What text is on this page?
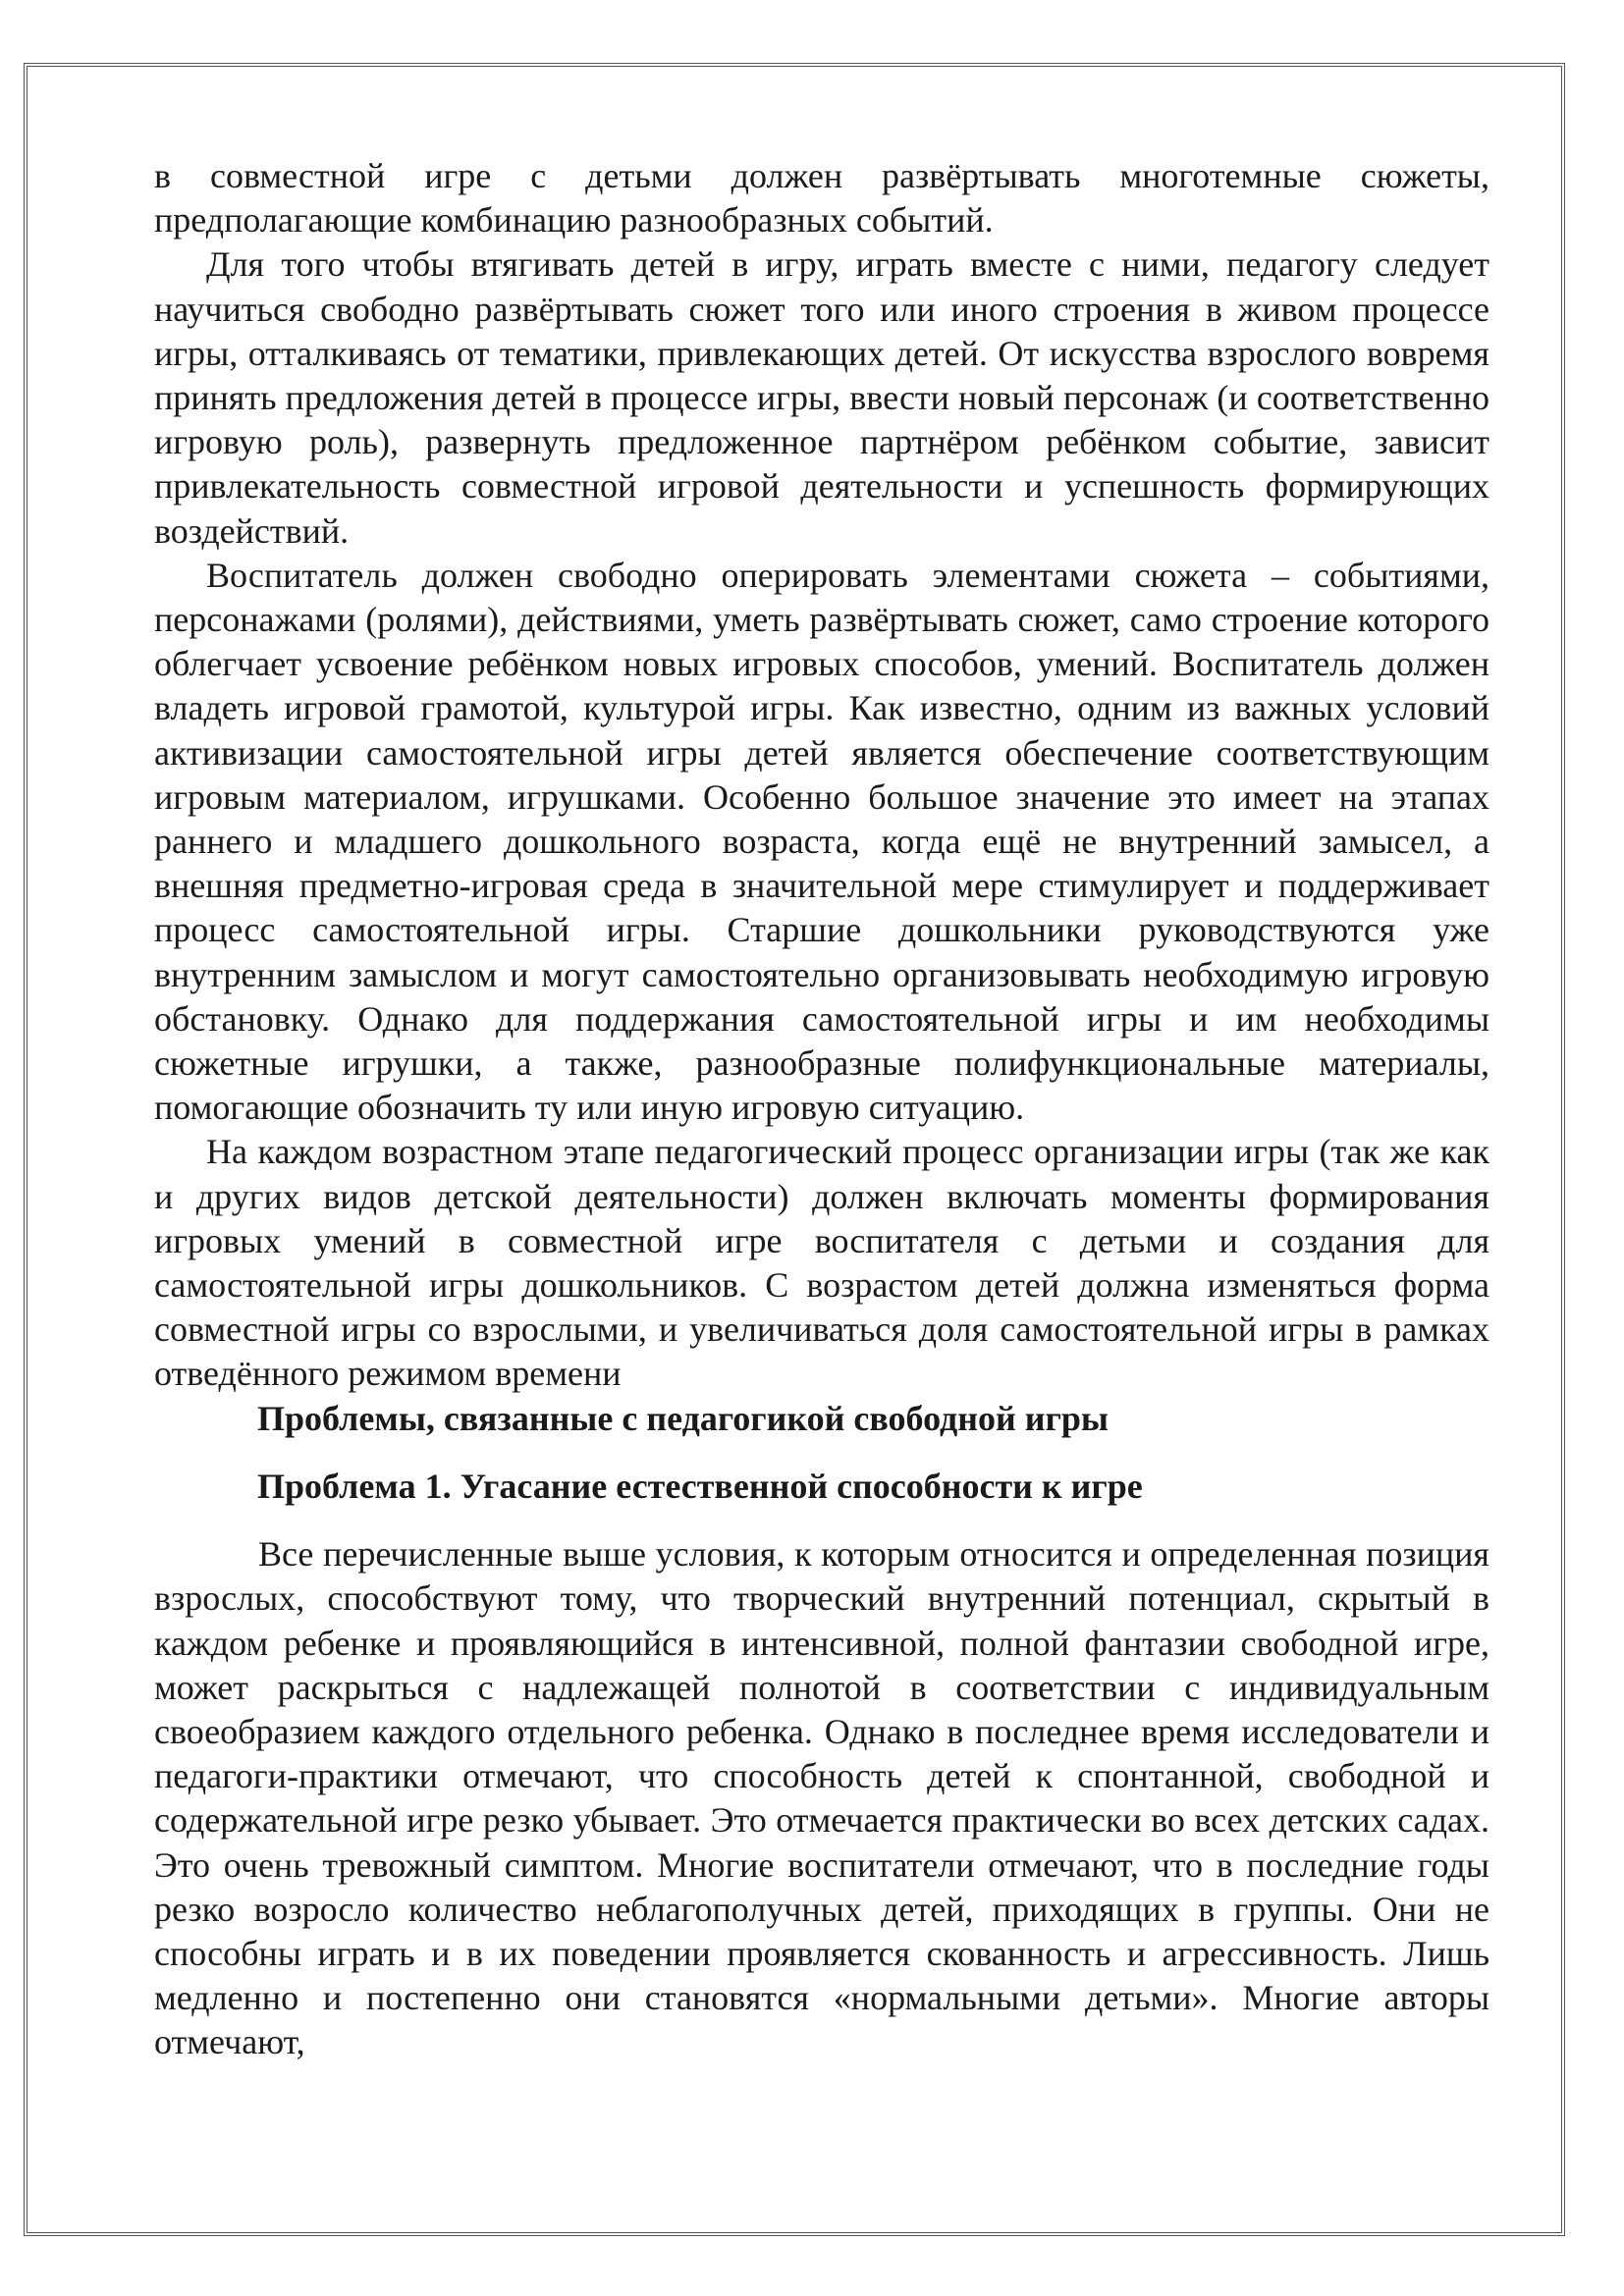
в совместной игре с детьми должен развёртывать многотемные сюжеты, предполагающие комбинацию разнообразных событий.

Для того чтобы втягивать детей в игру, играть вместе с ними, педагогу следует научиться свободно развёртывать сюжет того или иного строения в живом процессе игры, отталкиваясь от тематики, привлекающих детей. От искусства взрослого вовремя принять предложения детей в процессе игры, ввести новый персонаж (и соответственно игровую роль), развернуть предложенное партнёром ребёнком событие, зависит привлекательность совместной игровой деятельности и успешность формирующих воздействий.

Воспитатель должен свободно оперировать элементами сюжета – событиями, персонажами (ролями), действиями, уметь развёртывать сюжет, само строение которого облегчает усвоение ребёнком новых игровых способов, умений. Воспитатель должен владеть игровой грамотой, культурой игры. Как известно, одним из важных условий активизации самостоятельной игры детей является обеспечение соответствующим игровым материалом, игрушками. Особенно большое значение это имеет на этапах раннего и младшего дошкольного возраста, когда ещё не внутренний замысел, а внешняя предметно-игровая среда в значительной мере стимулирует и поддерживает процесс самостоятельной игры. Старшие дошкольники руководствуются уже внутренним замыслом и могут самостоятельно организовывать необходимую игровую обстановку. Однако для поддержания самостоятельной игры и им необходимы сюжетные игрушки, а также, разнообразные полифункциональные материалы, помогающие обозначить ту или иную игровую ситуацию.

На каждом возрастном этапе педагогический процесс организации игры (так же как и других видов детской деятельности) должен включать моменты формирования игровых умений в совместной игре воспитателя с детьми и создания для самостоятельной игры дошкольников. С возрастом детей должна изменяться форма совместной игры со взрослыми, и увеличиваться доля самостоятельной игры в рамках отведённого режимом времени

Проблемы, связанные с педагогикой свободной игры
Проблема 1. Угасание естественной способности к игре

Все перечисленные выше условия, к которым относится и определенная позиция взрослых, способствуют тому, что творческий внутренний потенциал, скрытый в каждом ребенке и проявляющийся в интенсивной, полной фантазии свободной игре, может раскрыться с надлежащей полнотой в соответствии с индивидуальным своеобразием каждого отдельного ребенка. Однако в последнее время исследователи и педагоги-практики отмечают, что способность детей к спонтанной, свободной и содержательной игре резко убывает. Это отмечается практически во всех детских садах. Это очень тревожный симптом. Многие воспитатели отмечают, что в последние годы резко возросло количество неблагополучных детей, приходящих в группы. Они не способны играть и в их поведении проявляется скованность и агрессивность. Лишь медленно и постепенно они становятся «нормальными детьми». Многие авторы отмечают,
